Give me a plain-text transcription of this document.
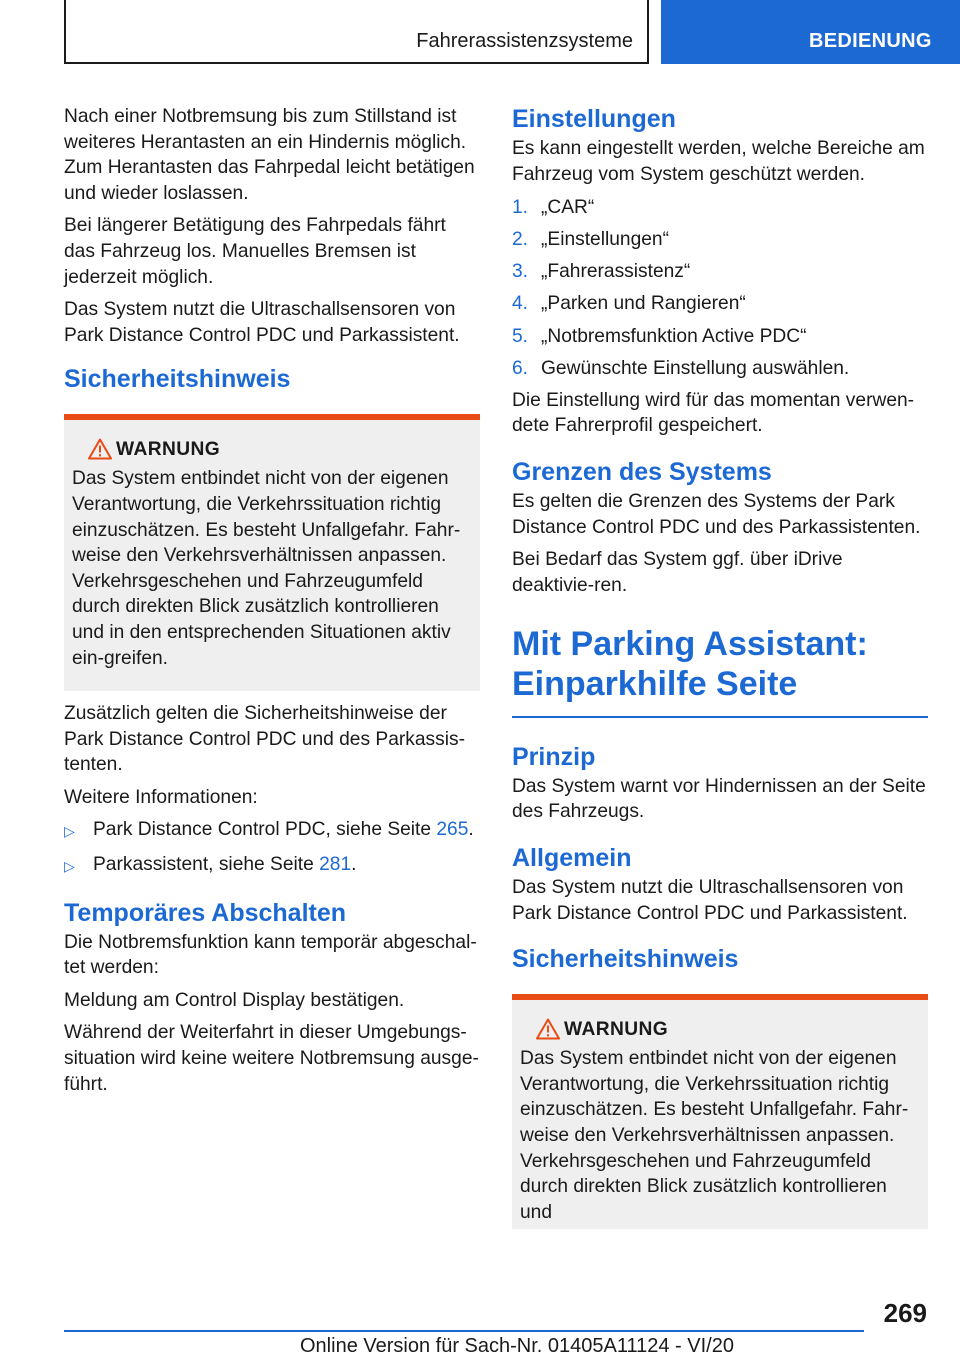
Fahrerassistenzsysteme	BEDIENUNG

Nach einer Notbremsung bis zum Stillstand ist weiteres Herantasten an ein Hindernis möglich. Zum Herantasten das Fahrpedal leicht betätigen und wieder loslassen.

Bei längerer Betätigung des Fahrpedals fährt das Fahrzeug los. Manuelles Bremsen ist jederzeit möglich.

Das System nutzt die Ultraschallsensoren von Park Distance Control PDC und Parkassistent.

Sicherheitshinweis
WARNUNG

Das System entbindet nicht von der eigenen Verantwortung, die Verkehrssituation richtig einzuschätzen. Es besteht Unfallgefahr. Fahr-weise den Verkehrsverhältnissen anpassen. Verkehrsgeschehen und Fahrzeugumfeld durch direkten Blick zusätzlich kontrollieren und in den entsprechenden Situationen aktiv ein-greifen.

Zusätzlich gelten die Sicherheitshinweise der Park Distance Control PDC und des Parkassis-tenten.

Weitere Informationen:

▷ Park Distance Control PDC, siehe Seite 265.
▷ Parkassistent, siehe Seite 281.
Temporäres Abschalten

Die Notbremsfunktion kann temporär abgeschal-tet werden:

Meldung am Control Display bestätigen.

Während der Weiterfahrt in dieser Umgebungs-situation wird keine weitere Notbremsung ausge-führt.

Einstellungen

Es kann eingestellt werden, welche Bereiche am Fahrzeug vom System geschützt werden.

1. „CAR“
2. „Einstellungen“
3. „Fahrerassistenz“
4. „Parken und Rangieren“
5. „Notbremsfunktion Active PDC“
6. Gewünschte Einstellung auswählen.

Die Einstellung wird für das momentan verwen-dete Fahrerprofil gespeichert.

Grenzen des Systems

Es gelten die Grenzen des Systems der Park Distance Control PDC und des Parkassistenten.

Bei Bedarf das System ggf. über iDrive deaktivie-ren.

Mit Parking Assistant:
Einparkhilfe Seite
Prinzip

Das System warnt vor Hindernissen an der Seite des Fahrzeugs.

Allgemein

Das System nutzt die Ultraschallsensoren von Park Distance Control PDC und Parkassistent.

Sicherheitshinweis
WARNUNG

Das System entbindet nicht von der eigenen Verantwortung, die Verkehrssituation richtig einzuschätzen. Es besteht Unfallgefahr. Fahr-weise den Verkehrsverhältnissen anpassen. Verkehrsgeschehen und Fahrzeugumfeld durch direkten Blick zusätzlich kontrollieren und

269
Online Version für Sach-Nr. 01405A11124 - VI/20
